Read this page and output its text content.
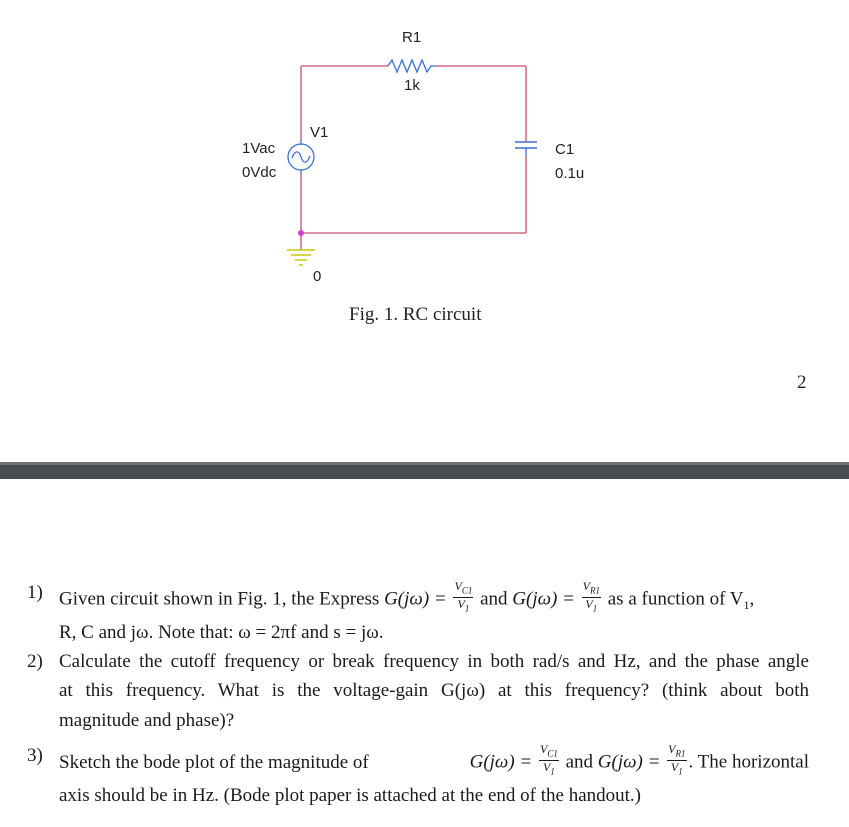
R1
1k
C1
0.1u
V1
1Vac
0Vdc
0
Fig. 1. RC circuit
2
1) Given circuit shown in Fig. 1, the Express $G(j\omega) = \frac{V_{C1}}{V_1}$ and $G(j\omega) = \frac{V_{R1}}{V_1}$ as a function of $V_1$,
R, C and jω. Note that: ω = 2πf and s = jω.
2) Calculate the cutoff frequency or break frequency in both rad/s and Hz, and the phase angle
at this frequency. What is the voltage-gain G(jω) at this frequency? (think about both
magnitude and phase)?
3) Sketch the bode plot of the magnitude of	$G(j\omega) = \frac{V_{C1}}{V_1}$ and $G(j\omega) = \frac{V_{R1}}{V_1}$ . The horizontal
axis should be in Hz. (Bode plot paper is attached at the end of the handout.)
